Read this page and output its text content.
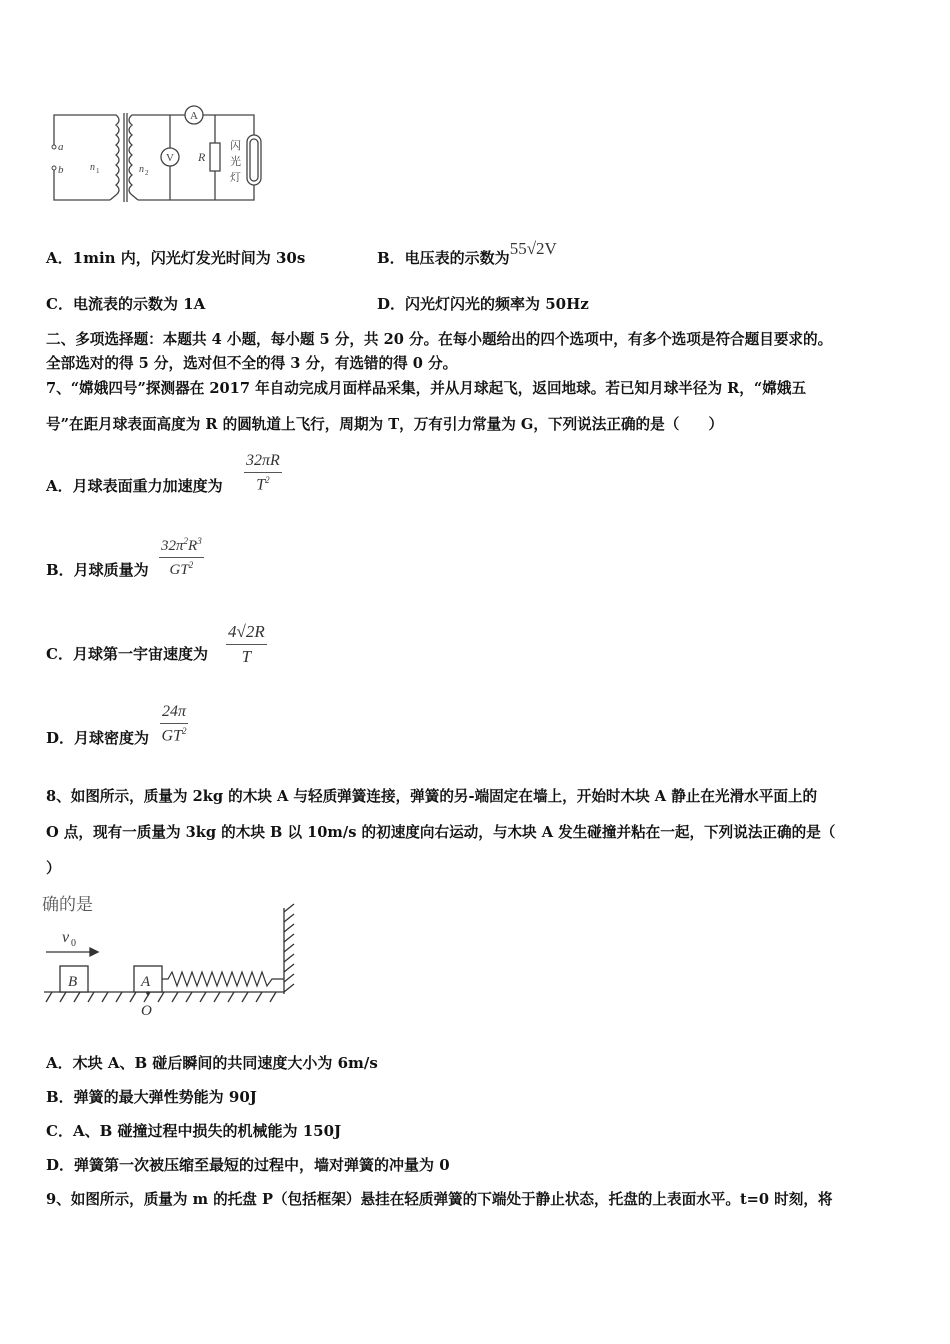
a
b	n 1	n 2
A
V R
闪
光
灯
A．1min 内，闪光灯发光时间为 30s	B．电压表的示数为55√2V
C．电流表的示数为 1A	D．闪光灯闪光的频率为 50Hz
二、多项选择题：本题共 4 小题，每小题 5 分，共 20 分。在每小题给出的四个选项中，有多个选项是符合题目要求的。
全部选对的得 5 分，选对但不全的得 3 分，有选错的得 0 分。
7、“嫦娥四号”探测器在 2017 年自动完成月面样品采集，并从月球起飞，返回地球。若已知月球半径为 R，“嫦娥五
号”在距月球表面高度为 R 的圆轨道上飞行，周期为 T，万有引力常量为 G，下列说法正确的是（　　）
A．月球表面重力加速度为 $\frac{32\pi R}{T^2}$
B．月球质量为 $\frac{32\pi^2R^3}{GT^2}$
C．月球第一宇宙速度为 $\frac{4√2R}{T}$
D．月球密度为 $\frac{24\pi}{GT^2}$
8、如图所示，质量为 2kg 的木块 A 与轻质弹簧连接，弹簧的另-端固定在墙上，开始时木块 A 静止在光滑水平面上的
O 点，现有一质量为 3kg 的木块 B 以 10m/s 的初速度向右运动，与木块 A 发生碰撞并粘在一起，下列说法正确的是（
）
确的是
v 0
B	A
O
A．木块 A、B 碰后瞬间的共同速度大小为 6m/s
B．弹簧的最大弹性势能为 90J
C．A、B 碰撞过程中损失的机械能为 150J
D．弹簧第一次被压缩至最短的过程中，墙对弹簧的冲量为 0
9、如图所示，质量为 m 的托盘 P（包括框架）悬挂在轻质弹簧的下端处于静止状态，托盘的上表面水平。t=0 时刻，将
